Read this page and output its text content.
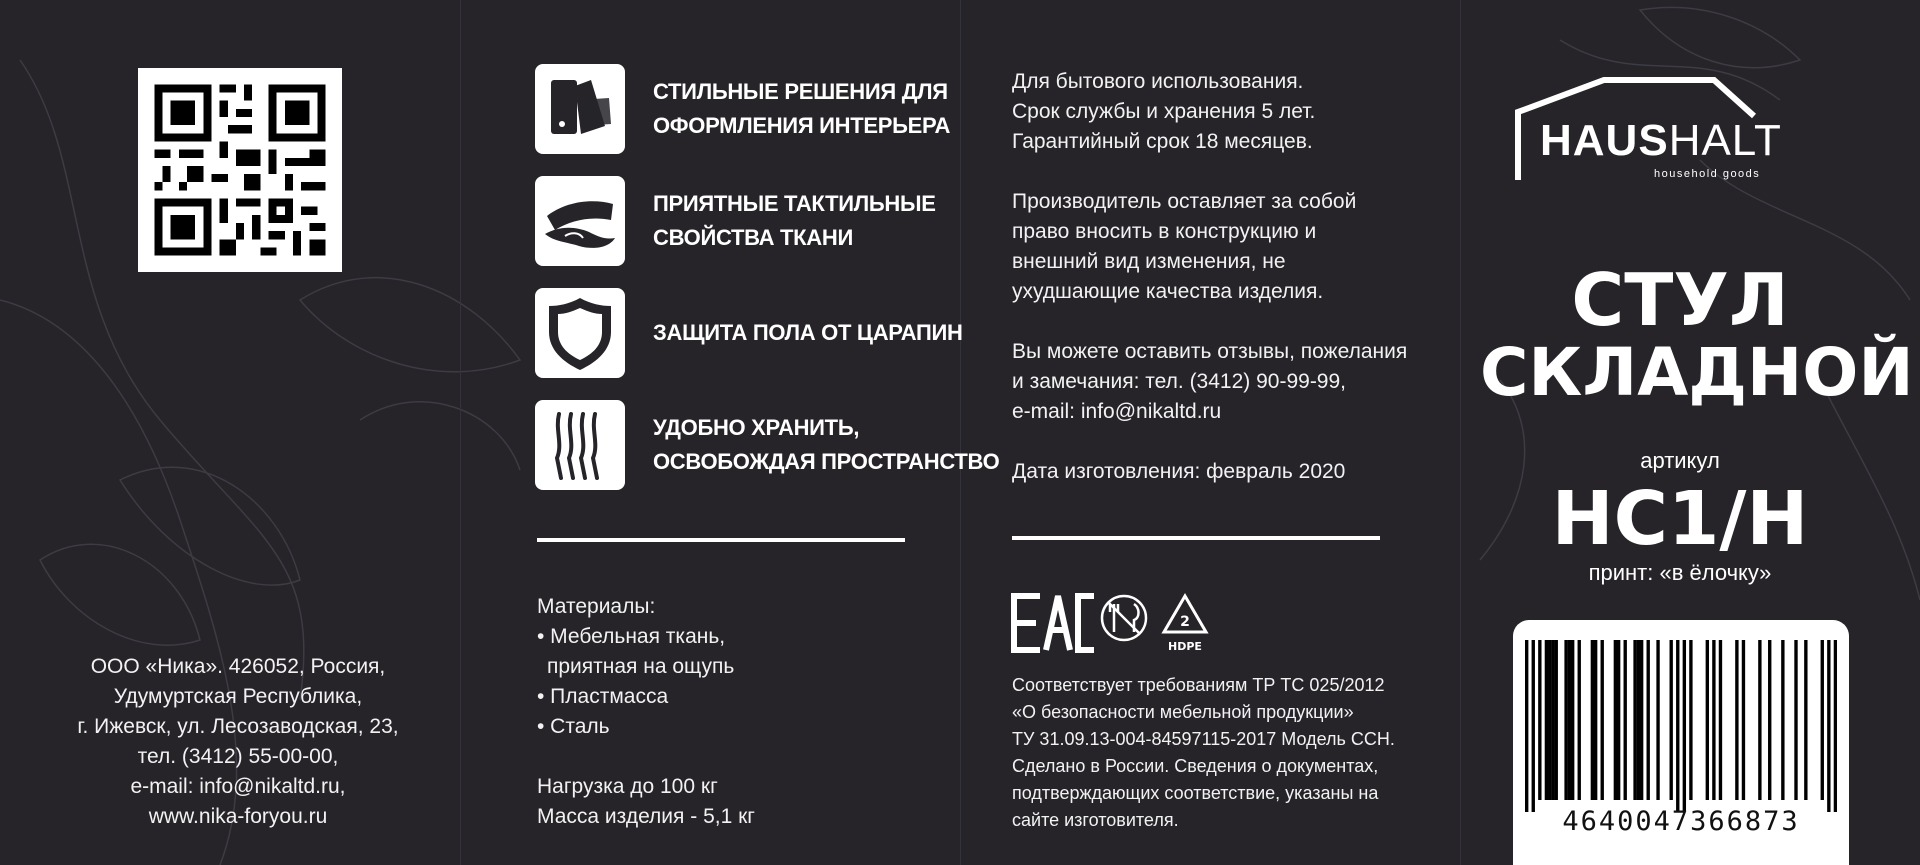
ООО «Ника». 426052, Россия,
Удумуртская Республика,
г. Ижевск, ул. Лесозаводская, 23,
тел. (3412) 55-00-00,
e-mail: info@nikaltd.ru,
www.nika-foryou.ru
СТИЛЬНЫЕ РЕШЕНИЯ ДЛЯ
ОФОРМЛЕНИЯ ИНТЕРЬЕРА
ПРИЯТНЫЕ ТАКТИЛЬНЫЕ
СВОЙСТВА ТКАНИ
ЗАЩИТА ПОЛА ОТ ЦАРАПИН
УДОБНО ХРАНИТЬ,
ОСВОБОЖДАЯ ПРОСТРАНСТВО
Материалы:
• Мебельная ткань,
приятная на ощупь
• Пластмасса
• Сталь
Нагрузка до 100 кг
Масса изделия - 5,1 кг
Для бытового использования.
Срок службы и хранения 5 лет.
Гарантийный срок 18 месяцев.
Производитель оставляет за собой
право вносить в конструкцию и
внешний вид изменения, не
ухудшающие качества изделия.
Вы можете оставить отзывы, пожелания
и замечания: тел. (3412) 90-99-99,
e-mail: info@nikaltd.ru
Дата изготовления: февраль 2020
2
HDPE
Соответствует требованиям ТР ТС 025/2012
«О безопасности мебельной продукции»
ТУ 31.09.13-004-84597115-2017 Модель ССН.
Сделано в России. Сведения о документах,
подтверждающих соответствие, указаны на
сайте изготовителя.
HAUSHALT
household goods
СТУЛ
СКЛАДНОЙ
артикул
HC1/H
принт: «в ёлочку»
4640047366873
